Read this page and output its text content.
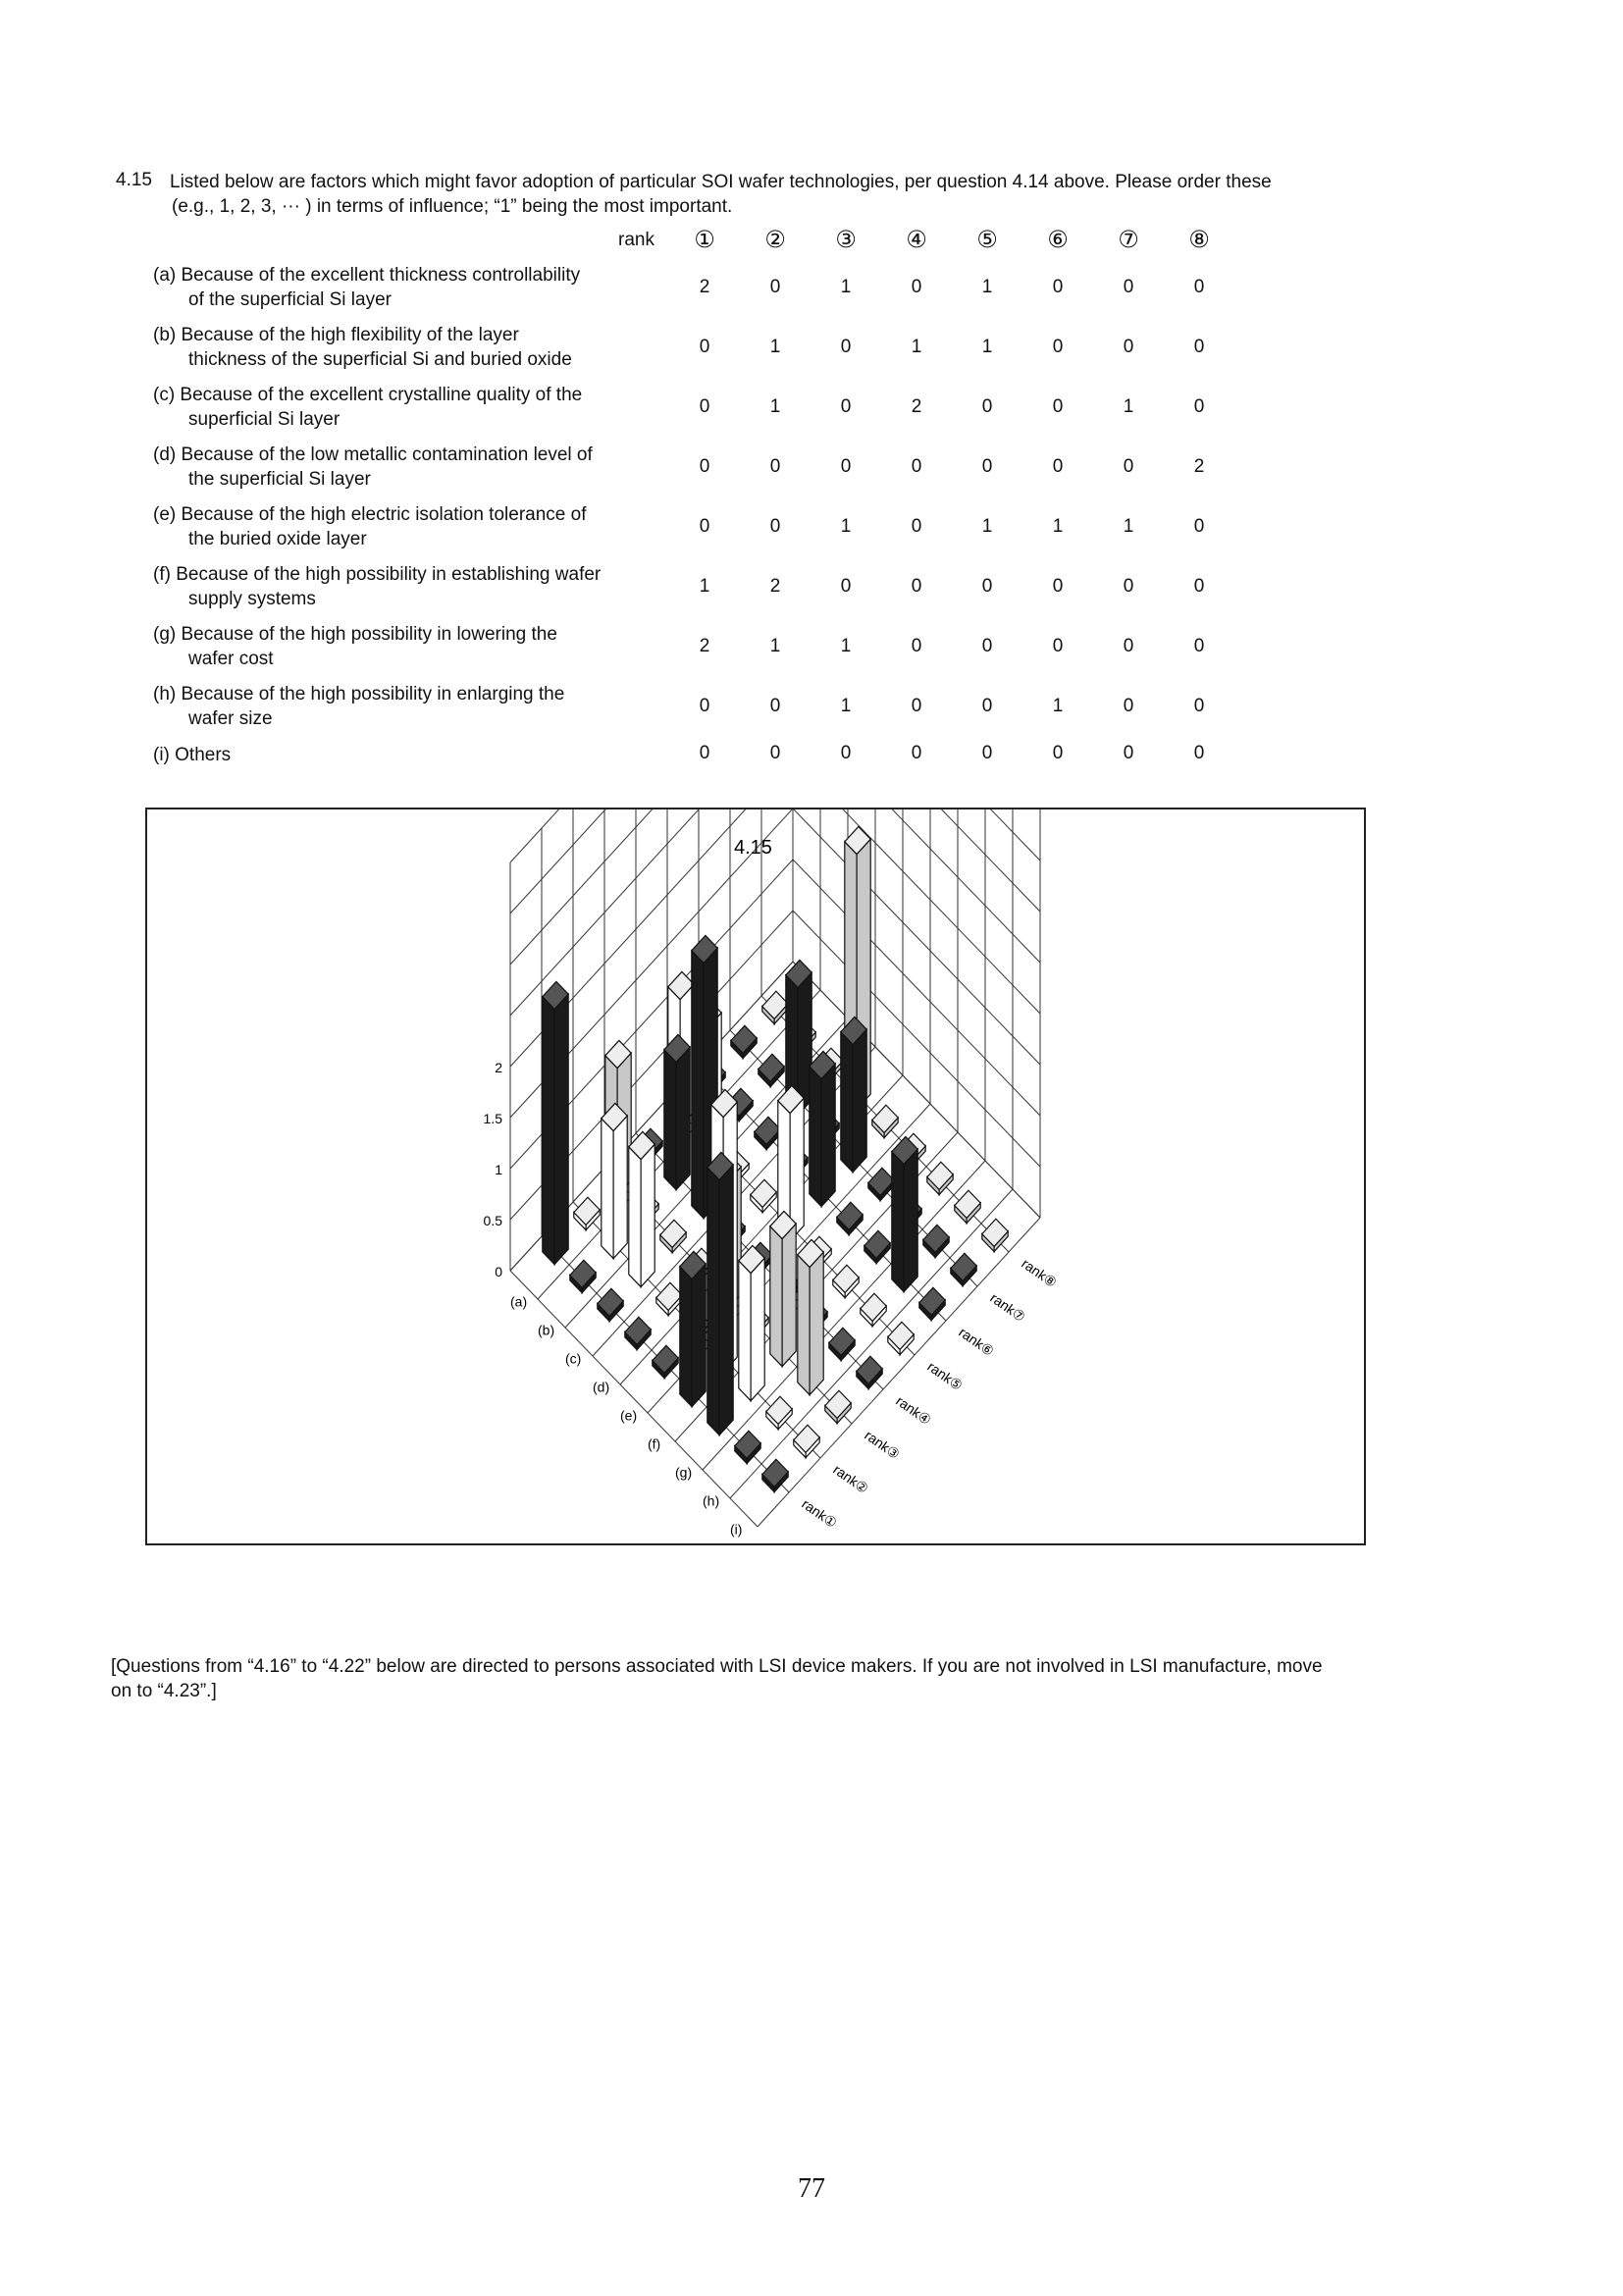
4.15 Listed below are factors which might favor adoption of particular SOI wafer technologies, per question 4.14 above. Please order these
(e.g., 1, 2, 3, ··· ) in terms of influence; “1” being the most important.
rank	①	②	③	④	⑤	⑥	⑦	⑧
(a) Because of the excellent thickness controllability
of the superficial Si layer
2	0	1	0	1	0	0	0
(b) Because of the high flexibility of the layer
thickness of the superficial Si and buried oxide
0	1	0	1	1	0	0	0
(c) Because of the excellent crystalline quality of the
superficial Si layer
0	1	0	2	0	0	1	0
(d) Because of the low metallic contamination level of
the superficial Si layer
0	0	0	0	0	0	0	2
(e) Because of the high electric isolation tolerance of
the buried oxide layer
0	0	1	0	1	1	1	0
(f) Because of the high possibility in establishing wafer
supply systems
1	2	0	0	0	0	0	0
(g) Because of the high possibility in lowering the
wafer cost
2	1	1	0	0	0	0	0
(h) Because of the high possibility in enlarging the
wafer size
0	0	1	0	0	1	0	0
(i) Others	0	0	0	0	0	0	0	0
0
0.5
1
1.5
2
(a)
(b)
(c)
(d)
(e)
(f)
(g)
(h)
(i)	rank①
rank②
rank③
rank④
rank⑤
rank⑥
rank⑦
rank⑧
4.15
[Questions from “4.16” to “4.22” below are directed to persons associated with LSI device makers. If you are not involved in LSI manufacture, move on to “4.23”.]
77
